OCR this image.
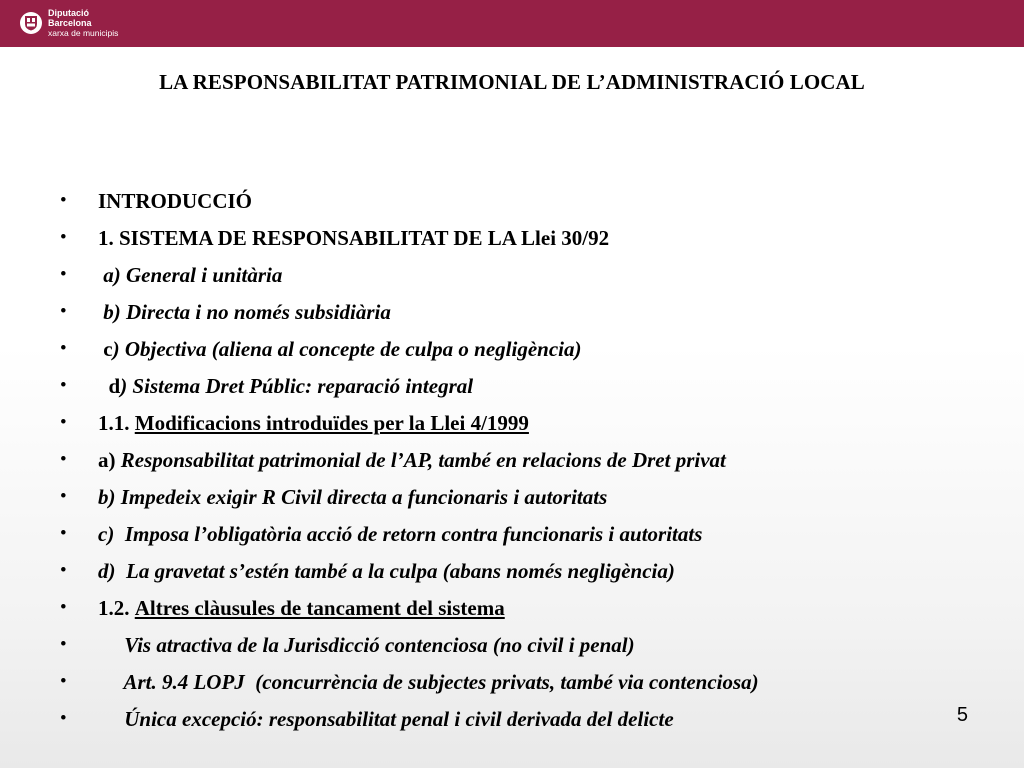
Diputació
Barcelona
xarxa de municipis
LA RESPONSABILITAT PATRIMONIAL DE L’ADMINISTRACIÓ LOCAL
•	INTRODUCCIÓ
•	1. SISTEMA DE RESPONSABILITAT DE LA Llei 30/92
•	a) General i unitària
•	b) Directa i no només subsidiària
•
	c ) Objectiva (aliena al concepte de culpa o negligència)
•	d ) Sistema Dret Públic: reparació integral
•	1.1. Modificacions introduïdes per la Llei 4/1999
•	a) Responsabilitat patrimonial de l’AP, també en relacions de Dret privat
•	b) Impedeix exigir R Civil directa a funcionaris i autoritats
•	c)  Imposa l’obligatòria acció de retorn contra funcionaris i autoritats
•	d)  La gravetat s’estén també a la culpa (abans només negligència)
•	1.2. Altres clàusules de tancament del sistema
•	Vis atractiva de la Jurisdicció contenciosa (no civil i penal)
•	Art. 9.4 LOPJ  (concurrència de subjectes privats, també via contenciosa)
•	Única excepció: responsabilitat penal i civil derivada del delicte	5
